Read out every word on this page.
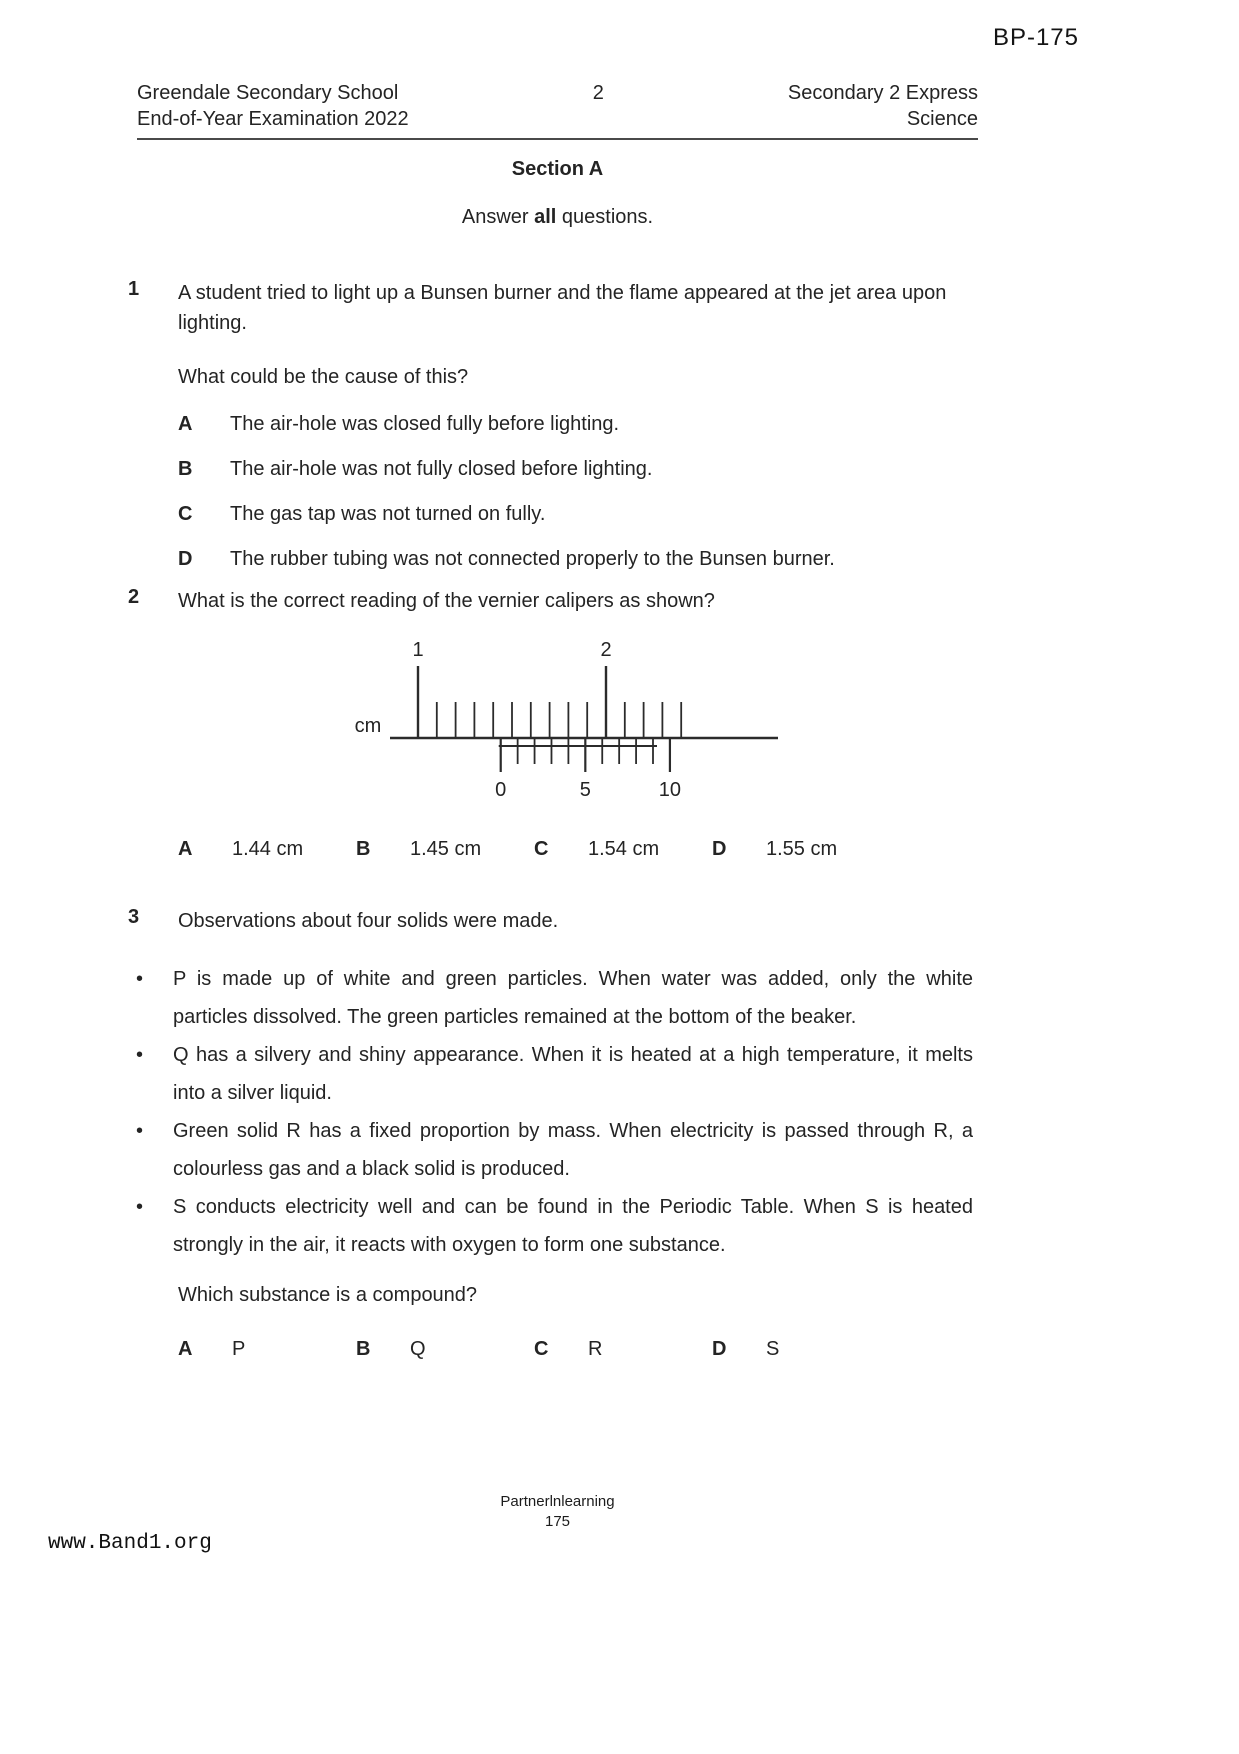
BP-175
Greendale Secondary School
End-of-Year Examination 2022
2	Secondary 2 Express
Science
Section A
Answer all questions.
1	A student tried to light up a Bunsen burner and the flame appeared at the jet area upon lighting.
What could be the cause of this?
A	The air-hole was closed fully before lighting.
B	The air-hole was not fully closed before lighting.
C	The gas tap was not turned on fully.
D	The rubber tubing was not connected properly to the Bunsen burner.
2	What is the correct reading of the vernier calipers as shown?
1	2
cm
0	5	10
A	1.44 cm	B	1.45 cm	C	1.54 cm	D	1.55 cm
3	Observations about four solids were made.
•	P is made up of white and green particles. When water was added, only the white particles dissolved. The green particles remained at the bottom of the beaker.
•	Q has a silvery and shiny appearance. When it is heated at a high temperature, it melts into a silver liquid.
•	Green solid R has a fixed proportion by mass. When electricity is passed through R, a colourless gas and a black solid is produced.
•	S conducts electricity well and can be found in the Periodic Table. When S is heated strongly in the air, it reacts with oxygen to form one substance.
Which substance is a compound?
A	P	B	Q	C	R	D	S
Partnerlnlearning
175
www.Band1.org
